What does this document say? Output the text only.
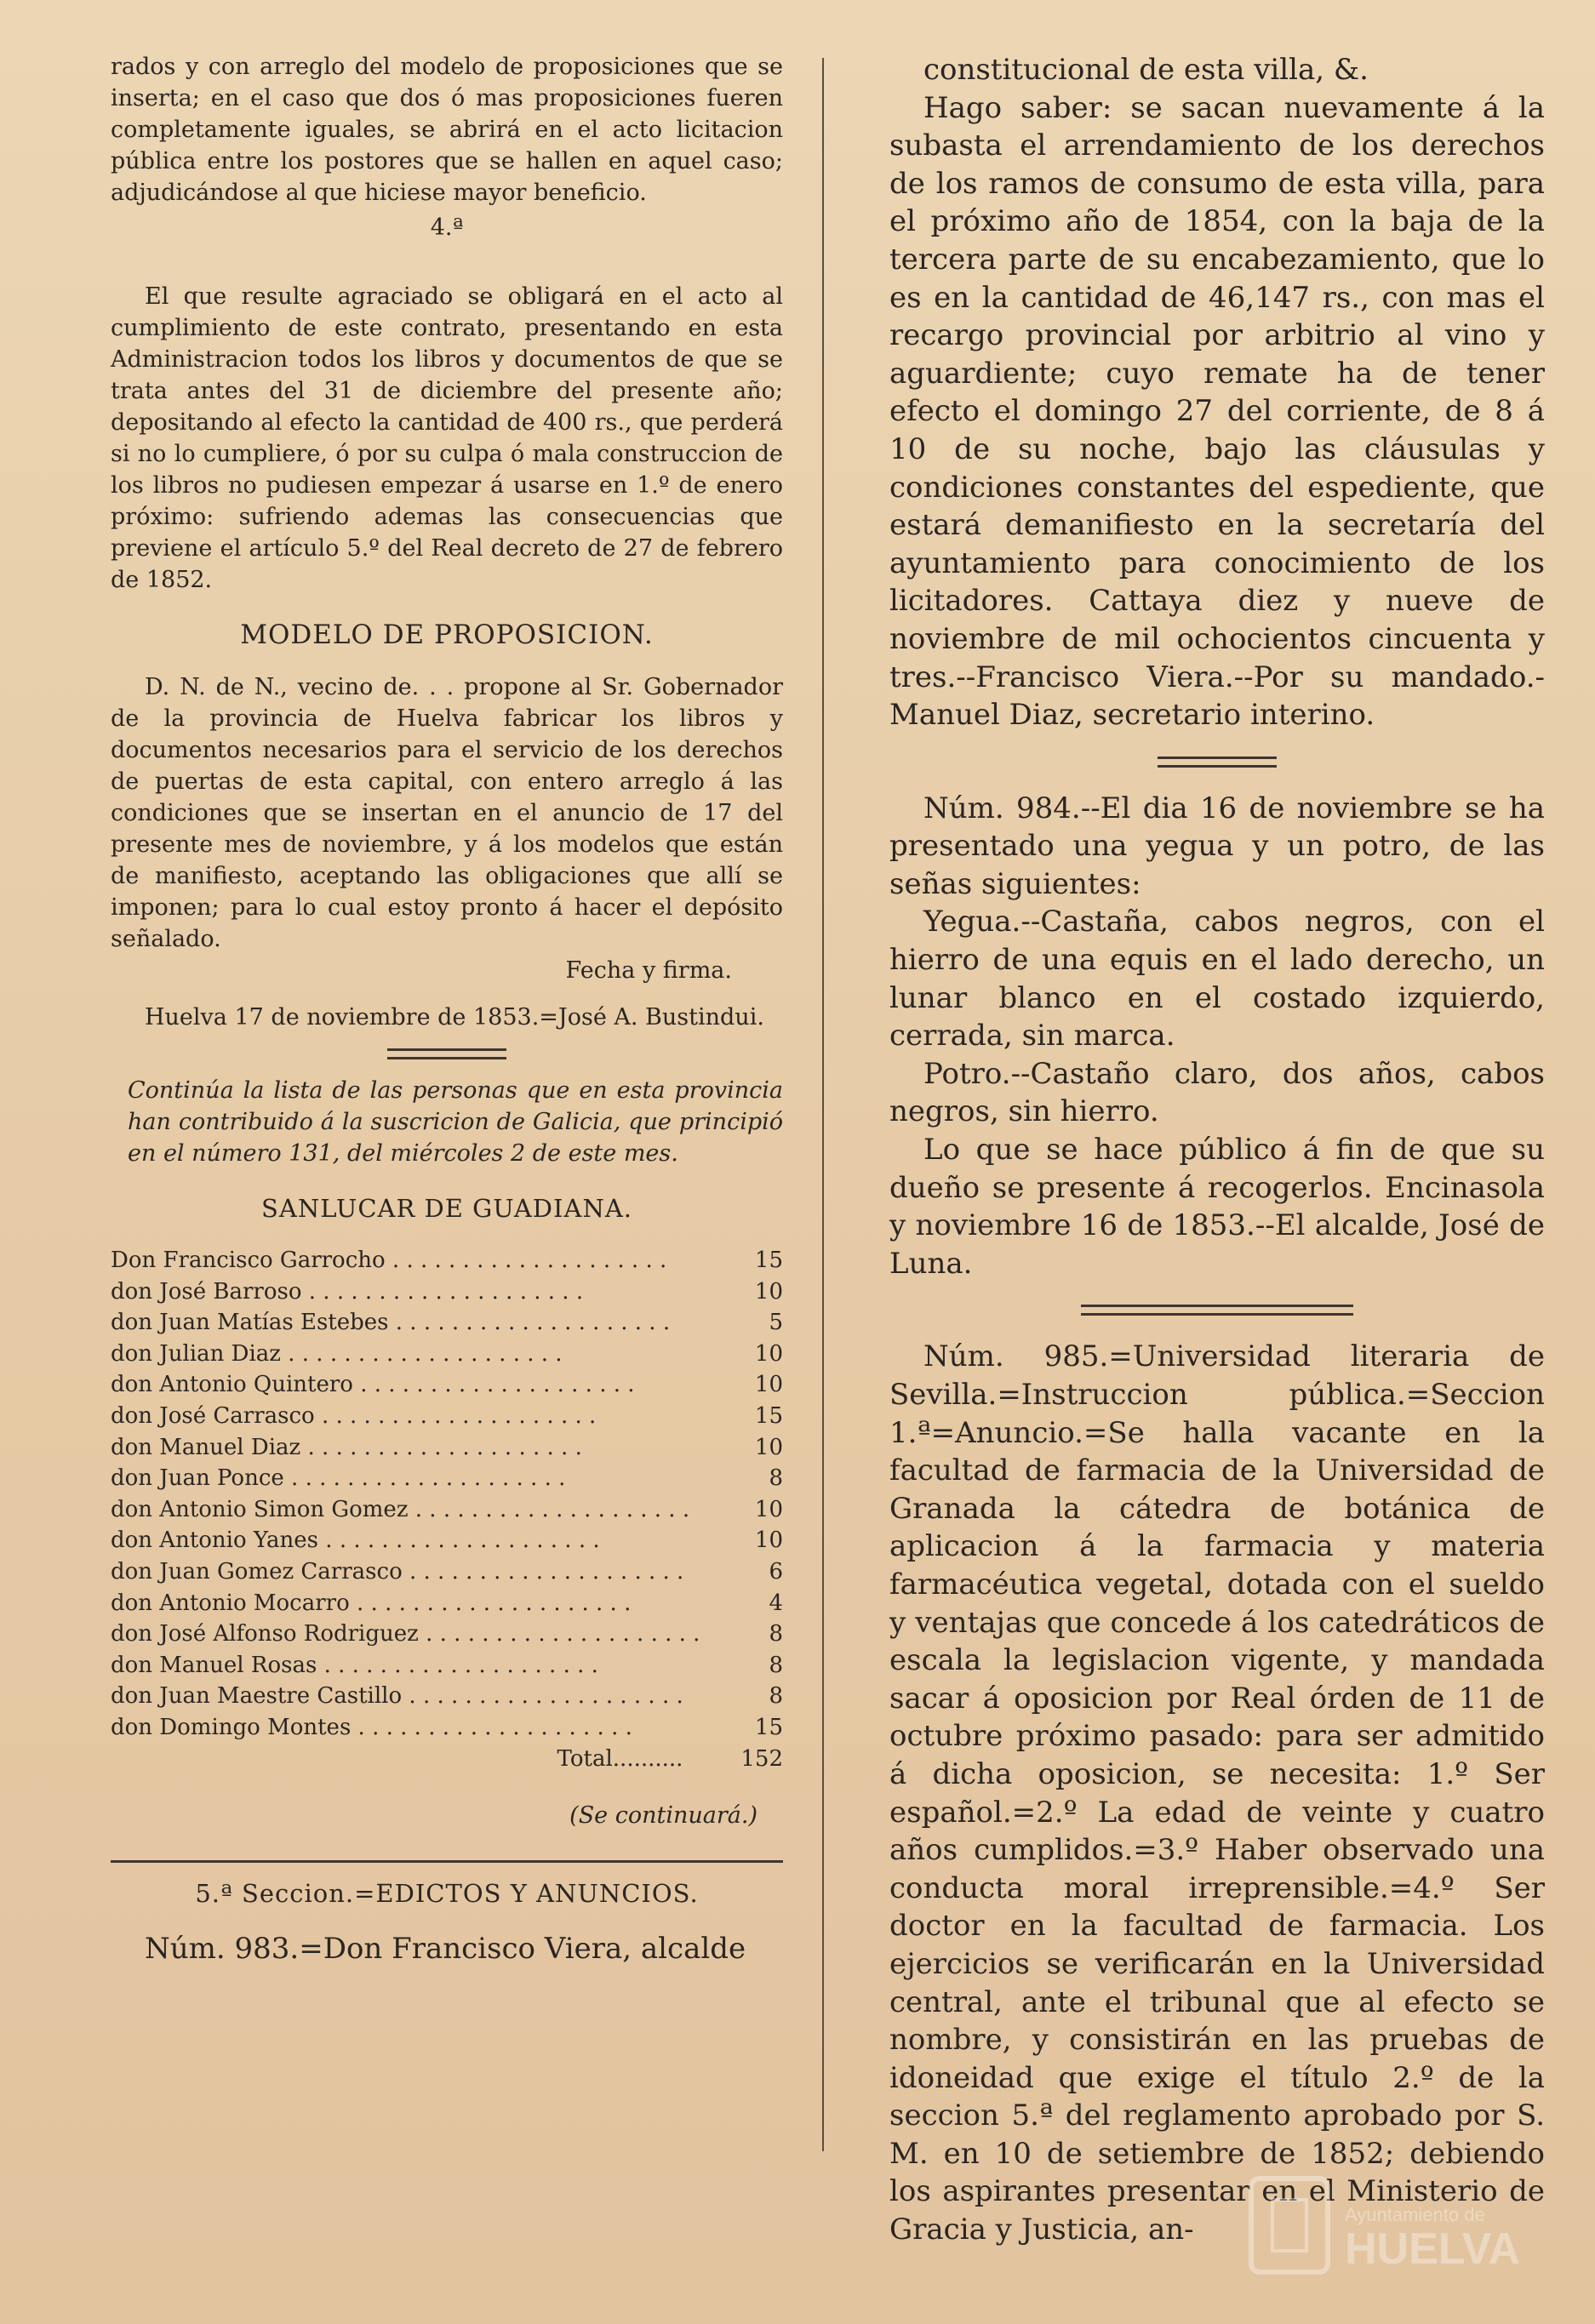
rados y con arreglo del modelo de proposiciones que se inserta; en el caso que dos ó mas proposiciones fueren completamente iguales, se abrirá en el acto licitacion pública entre los postores que se hallen en aquel caso; adjudicándose al que hiciese mayor beneficio.

4.ª

El que resulte agraciado se obligará en el acto al cumplimiento de este contrato, presentando en esta Administracion todos los libros y documentos de que se trata antes del 31 de diciembre del presente año; depositando al efecto la cantidad de 400 rs., que perderá si no lo cumpliere, ó por su culpa ó mala construccion de los libros no pudiesen empezar á usarse en 1.º de enero próximo: sufriendo ademas las consecuencias que previene el artículo 5.º del Real decreto de 27 de febrero de 1852.

MODELO DE PROPOSICION.

D. N. de N., vecino de. . . propone al Sr. Gobernador de la provincia de Huelva fabricar los libros y documentos necesarios para el servicio de los derechos de puertas de esta capital, con entero arreglo á las condiciones que se insertan en el anuncio de 17 del presente mes de noviembre, y á los modelos que están de manifiesto, aceptando las obligaciones que allí se imponen; para lo cual estoy pronto á hacer el depósito señalado.

Fecha y firma.

Huelva 17 de noviembre de 1853.=José A. Bustindui.

Continúa la lista de las personas que en esta provincia han contribuido á la suscricion de Galicia, que principió en el número 131, del miércoles 2 de este mes.

SANLUCAR DE GUADIANA.
Don Francisco Garrocho . . . . . . . . . . . . . . . . . . . .	15
don José Barroso . . . . . . . . . . . . . . . . . . . .	10
don Juan Matías Estebes . . . . . . . . . . . . . . . . . . . .	5
don Julian Diaz . . . . . . . . . . . . . . . . . . . .	10
don Antonio Quintero . . . . . . . . . . . . . . . . . . . .	10
don José Carrasco . . . . . . . . . . . . . . . . . . . .	15
don Manuel Diaz . . . . . . . . . . . . . . . . . . . .	10
don Juan Ponce . . . . . . . . . . . . . . . . . . . .	8
don Antonio Simon Gomez . . . . . . . . . . . . . . . . . . . .	10
don Antonio Yanes . . . . . . . . . . . . . . . . . . . .	10
don Juan Gomez Carrasco . . . . . . . . . . . . . . . . . . . .	6
don Antonio Mocarro . . . . . . . . . . . . . . . . . . . .	4
don José Alfonso Rodriguez . . . . . . . . . . . . . . . . . . . .	8
don Manuel Rosas . . . . . . . . . . . . . . . . . . . .	8
don Juan Maestre Castillo . . . . . . . . . . . . . . . . . . . .	8
don Domingo Montes . . . . . . . . . . . . . . . . . . . .	15
Total..........	152

(Se continuará.)

5.ª Seccion.=EDICTOS Y ANUNCIOS.

Núm. 983.=Don Francisco Viera, alcalde

constitucional de esta villa, &.

Hago saber: se sacan nuevamente á la subasta el arrendamiento de los derechos de los ramos de consumo de esta villa, para el próximo año de 1854, con la baja de la tercera parte de su encabezamiento, que lo es en la cantidad de 46,147 rs., con mas el recargo provincial por arbitrio al vino y aguardiente; cuyo remate ha de tener efecto el domingo 27 del corriente, de 8 á 10 de su noche, bajo las cláusulas y condiciones constantes del espediente, que estará demanifiesto en la secretaría del ayuntamiento para conocimiento de los licitadores. Cattaya diez y nueve de noviembre de mil ochocientos cincuenta y tres.--Francisco Viera.--Por su mandado.-Manuel Diaz, secretario interino.

Núm. 984.--El dia 16 de noviembre se ha presentado una yegua y un potro, de las señas siguientes:

Yegua.--Castaña, cabos negros, con el hierro de una equis en el lado derecho, un lunar blanco en el costado izquierdo, cerrada, sin marca.

Potro.--Castaño claro, dos años, cabos negros, sin hierro.

Lo que se hace público á fin de que su dueño se presente á recogerlos. Encinasola y noviembre 16 de 1853.--El alcalde, José de Luna.

Núm. 985.=Universidad literaria de Sevilla.=Instruccion pública.=Seccion 1.ª=Anuncio.=Se halla vacante en la facultad de farmacia de la Universidad de Granada la cátedra de botánica de aplicacion á la farmacia y materia farmacéutica vegetal, dotada con el sueldo y ventajas que concede á los catedráticos de escala la legislacion vigente, y mandada sacar á oposicion por Real órden de 11 de octubre próximo pasado: para ser admitido á dicha oposicion, se necesita: 1.º Ser español.=2.º La edad de veinte y cuatro años cumplidos.=3.º Haber observado una conducta moral irreprensible.=4.º Ser doctor en la facultad de farmacia. Los ejercicios se verificarán en la Universidad central, ante el tribunal que al efecto se nombre, y consistirán en las pruebas de idoneidad que exige el título 2.º de la seccion 5.ª del reglamento aprobado por S. M. en 10 de setiembre de 1852; debiendo los aspirantes presentar en el Ministerio de Gracia y Justicia, an-	Ayuntamiento de
HUELVA
